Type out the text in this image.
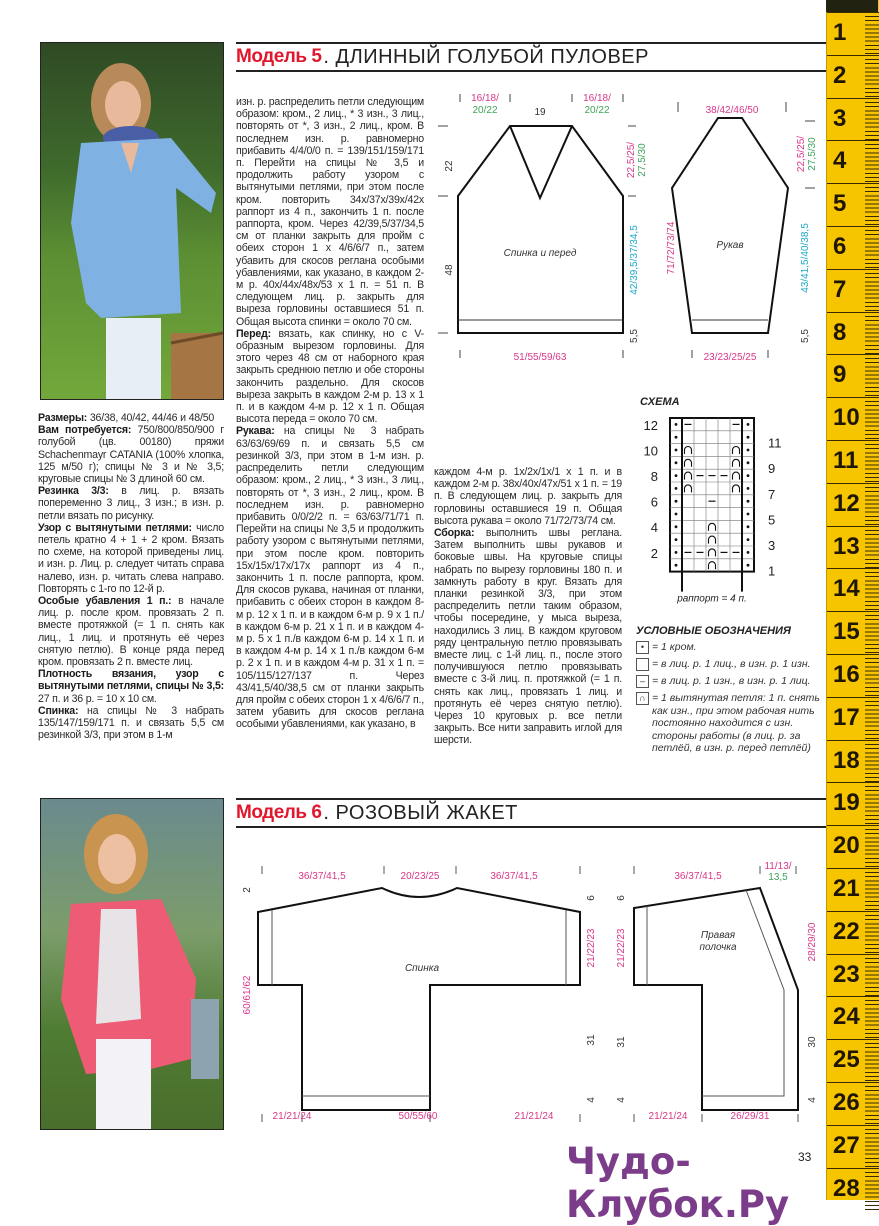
Модель 5 . ДЛИННЫЙ ГОЛУБОЙ ПУЛОВЕР

Размеры: 36/38, 40/42, 44/46 и 48/50

Вам потребуется: 750/800/850/900 г голубой (цв. 00180) пряжи Schachenmayr CATANIA (100% хлопка, 125 м/50 г); спицы № 3 и № 3,5; круговые спицы № 3 длиной 60 см.

Резинка 3/3: в лиц. р. вязать попеременно 3 лиц., 3 изн.; в изн. р. петли вязать по рисунку.

Узор с вытянутыми петлями: число петель кратно 4 + 1 + 2 кром. Вязать по схеме, на которой приведены лиц. и изн. р. Лиц. р. следует читать справа налево, изн. р. читать слева направо. Повторять с 1-го по 12-й р.

Особые убавления 1 п.: в начале лиц. р. после кром. провязать 2 п. вместе протяжкой (= 1 п. снять как лиц., 1 лиц. и протянуть её через снятую петлю). В конце ряда перед кром. провязать 2 п. вместе лиц.

Плотность вязания, узор с вытянутыми петлями, спицы № 3,5: 27 п. и 36 р. = 10 х 10 см.

Спинка: на спицы № 3 набрать 135/147/159/171 п. и связать 5,5 см резинкой 3/3, при этом в 1-м

изн. р. распределить петли следующим образом: кром., 2 лиц., * 3 изн., 3 лиц., повторять от *, 3 изн., 2 лиц., кром. В последнем изн. р. равномерно прибавить 4/4/0/0 п. = 139/151/159/171 п. Перейти на спицы № 3,5 и продолжить работу узором с вытянутыми петлями, при этом после кром. повторить 34х/37х/39х/42х раппорт из 4 п., закончить 1 п. после раппорта, кром. Через 42/39,5/37/34,5 см от планки закрыть для пройм с обеих сторон 1 х 4/6/6/7 п., затем убавить для скосов реглана особыми убавлениями, как указано, в каждом 2-м р. 40х/44х/48х/53 х 1 п. = 51 п. В следующем лиц. р. закрыть для выреза горловины оставшиеся 51 п. Общая высота спинки = около 70 см.

Перед: вязать, как спинку, но с V-образным вырезом горловины. Для этого через 48 см от наборного края закрыть среднюю петлю и обе стороны закончить раздельно. Для скосов выреза закрыть в каждом 2-м р. 13 х 1 п. и в каждом 4-м р. 12 х 1 п. Общая высота переда = около 70 см.

Рукава: на спицы № 3 набрать 63/63/69/69 п. и связать 5,5 см резинкой 3/3, при этом в 1-м изн. р. распределить петли следующим образом: кром., 2 лиц., * 3 изн., 3 лиц., повторять от *, 3 изн., 2 лиц., кром. В последнем изн. р. равномерно прибавить 0/0/2/2 п. = 63/63/71/71 п. Перейти на спицы № 3,5 и продолжить работу узором с вытянутыми петлями, при этом после кром. повторить 15х/15х/17х/17х раппорт из 4 п., закончить 1 п. после раппорта, кром. Для скосов рукава, начиная от планки, прибавить с обеих сторон в каждом 8-м р. 12 х 1 п. и в каждом 6-м р. 9 х 1 п./в каждом 6-м р. 21 х 1 п. и в каждом 4-м р. 5 х 1 п./в каждом 6-м р. 14 х 1 п. и в каждом 4-м р. 14 х 1 п./в каждом 6-м р. 2 х 1 п. и в каждом 4-м р. 31 х 1 п. = 105/115/127/137 п. Через 43/41,5/40/38,5 см от планки закрыть для пройм с обеих сторон 1 х 4/6/6/7 п., затем убавить для скосов реглана особыми убавлениями, как указано, в

каждом 4-м р. 1х/2х/1х/1 х 1 п. и в каждом 2-м р. 38х/40х/47х/51 х 1 п. = 19 п. В следующем лиц. р. закрыть для горловины оставшиеся 19 п. Общая высота рукава = около 71/72/73/74 см.

Сборка: выполнить швы реглана. Затем выполнить швы рукавов и боковые швы. На круговые спицы набрать по вырезу горловины 180 п. и замкнуть работу в круг. Вязать для планки резинкой 3/3, при этом распределить петли таким образом, чтобы посередине, у мыса выреза, находились 3 лиц. В каждом круговом ряду центральную петлю провязывать вместе лиц. с 1-й лиц. п., после этого получившуюся петлю провязывать вместе с 3-й лиц. п. протяжкой (= 1 п. снять как лиц., провязать 1 лиц. и протянуть её через снятую петлю). Через 10 круговых р. все петли закрыть. Все нити заправить иглой для шерсти.

16/18/
20/22	19
16/18/
20/22
22
48
22,5/25/ 27,5/30
42/39,5/37/34,5
5,5
51/55/59/63
Спинка и перед
38/42/46/50
71/72/73/74
22,5/25/ 27,5/30
43/41,5/40/38,5
5,5
23/23/25/25
Рукав
СХЕМА
12
10
8
6
4
2
11
9
7
5
3
1
раппорт = 4 п.
УСЛОВНЫЕ ОБОЗНАЧЕНИЯ
• = 1 кром.
= в лиц. р. 1 лиц., в изн. р. 1 изн.
– = в лиц. р. 1 изн., в изн. р. 1 лиц.
∩ = 1 вытянутая петля: 1 п. снять как изн., при этом рабочая нить постоянно находится с изн. стороны работы (в лиц. р. за петлёй, в изн. р. перед петлёй)
Модель 6 . РОЗОВЫЙ ЖАКЕТ
36/37/41,5	20/23/25	36/37/41,5
2
60/61/62
6
21/22/23
31
4
21/21/24	50/55/60	21/21/24
Спинка
36/37/41,5
11/13/
13,5
6
21/22/23
31
4
28/29/30
30
4
21/21/24	26/29/31
Правая
полочка
1
2
3
4
5
6
7
8
9
10
11
12
13
14
15
16
17
18
19
20
21
22
23
24
25
26
27
28
Чудо-Клубок.Ру
33
